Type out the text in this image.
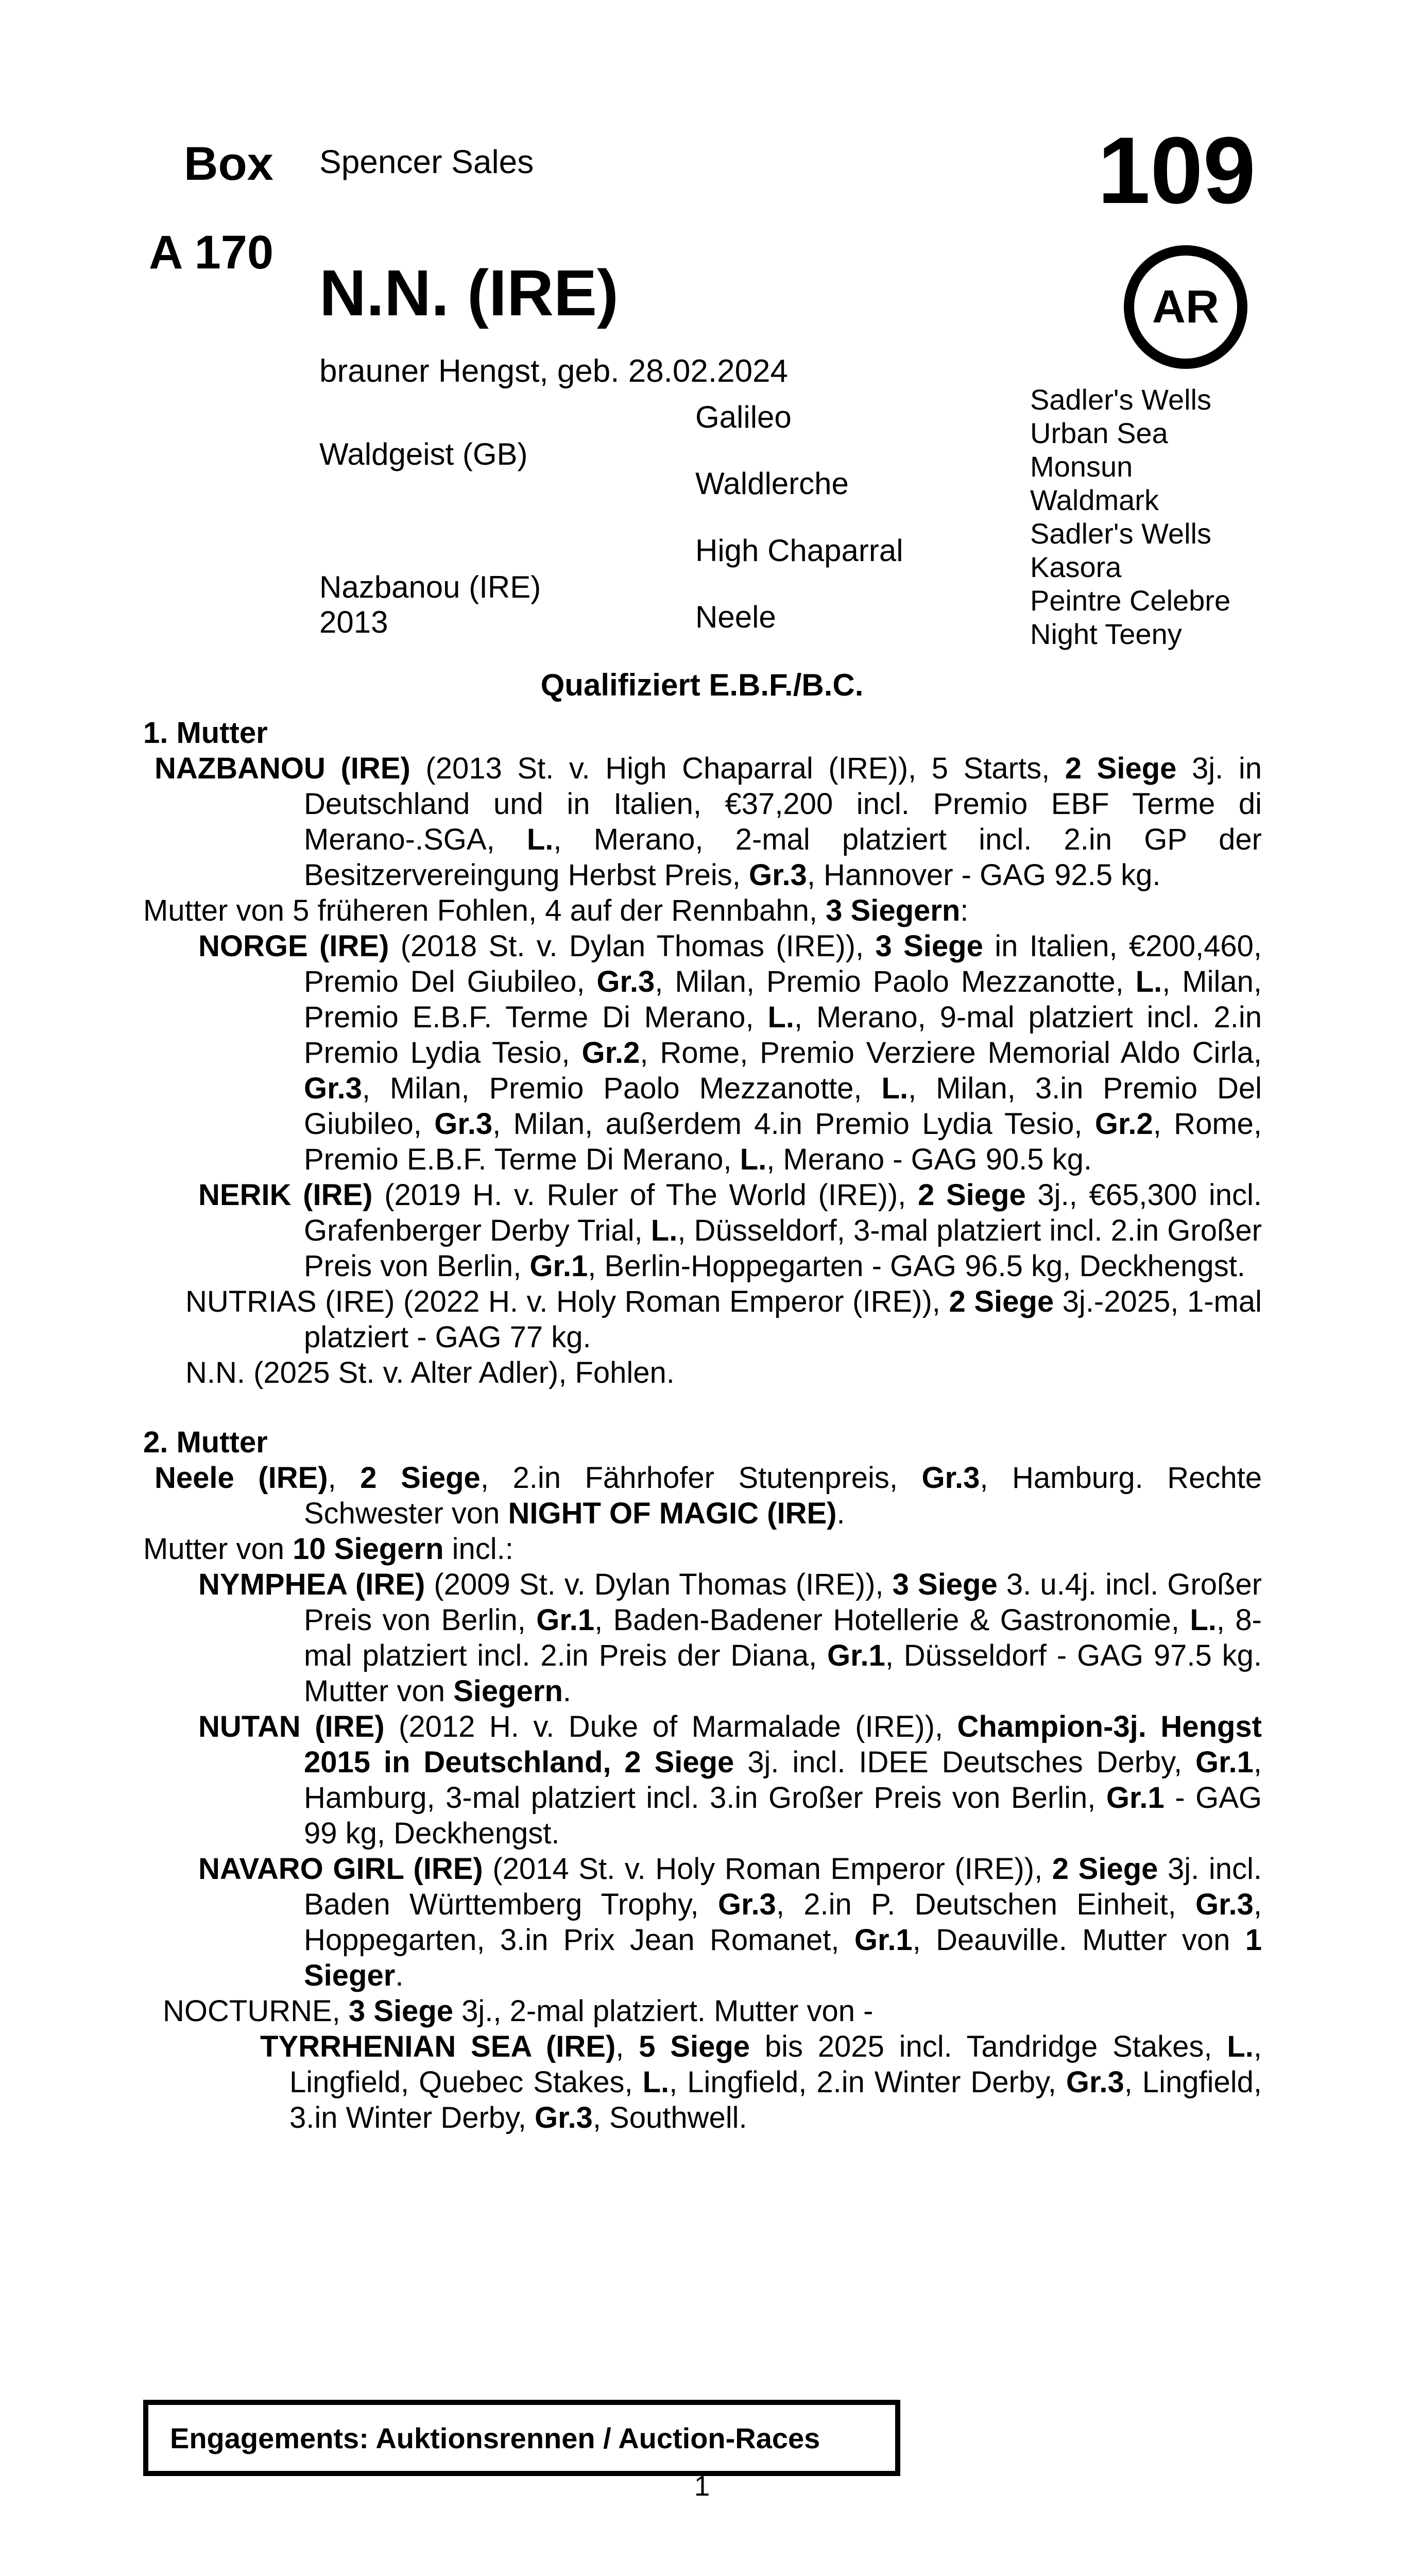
Box
A 170
Spencer Sales	109
AR
N.N. (IRE)
brauner Hengst, geb. 28.02.2024
Waldgeist (GB)
Nazbanou (IRE)
2013
Galileo
Waldlerche
High Chaparral
Neele
Sadler's Wells
Urban Sea
Monsun
Waldmark
Sadler's Wells
Kasora
Peintre Celebre
Night Teeny
Qualifiziert E.B.F./B.C.
1. Mutter

NAZBANOU (IRE) (2013 St. v. High Chaparral (IRE)), 5 Starts, 2 Siege 3j. in Deutschland und in Italien, €37,200 incl. Premio EBF Terme di Merano-.SGA, L., Merano, 2-mal platziert incl. 2.in GP der Besitzervereingung Herbst Preis, Gr.3, Hannover - GAG 92.5 kg.

Mutter von 5 früheren Fohlen, 4 auf der Rennbahn, 3 Siegern:

NORGE (IRE) (2018 St. v. Dylan Thomas (IRE)), 3 Siege in Italien, €200,460, Premio Del Giubileo, Gr.3, Milan, Premio Paolo Mezzanotte, L., Milan, Premio E.B.F. Terme Di Merano, L., Merano, 9-mal platziert incl. 2.in Premio Lydia Tesio, Gr.2, Rome, Premio Verziere Memorial Aldo Cirla, Gr.3, Milan, Premio Paolo Mezzanotte, L., Milan, 3.in Premio Del Giubileo, Gr.3, Milan, außerdem 4.in Premio Lydia Tesio, Gr.2, Rome, Premio E.B.F. Terme Di Merano, L., Merano - GAG 90.5 kg.

NERIK (IRE) (2019 H. v. Ruler of The World (IRE)), 2 Siege 3j., €65,300 incl. Grafenberger Derby Trial, L., Düsseldorf, 3-mal platziert incl. 2.in Großer Preis von Berlin, Gr.1, Berlin-Hoppegarten - GAG 96.5 kg, Deckhengst.

NUTRIAS (IRE) (2022 H. v. Holy Roman Emperor (IRE)), 2 Siege 3j.-2025, 1-mal platziert - GAG 77 kg.

N.N. (2025 St. v. Alter Adler), Fohlen.

2. Mutter

Neele (IRE), 2 Siege, 2.in Fährhofer Stutenpreis, Gr.3, Hamburg. Rechte Schwester von NIGHT OF MAGIC (IRE).

Mutter von 10 Siegern incl.:

NYMPHEA (IRE) (2009 St. v. Dylan Thomas (IRE)), 3 Siege 3. u.4j. incl. Großer Preis von Berlin, Gr.1, Baden-Badener Hotellerie & Gastronomie, L., 8-mal platziert incl. 2.in Preis der Diana, Gr.1, Düsseldorf - GAG 97.5 kg. Mutter von Siegern.

NUTAN (IRE) (2012 H. v. Duke of Marmalade (IRE)), Champion-3j. Hengst 2015 in Deutschland, 2 Siege 3j. incl. IDEE Deutsches Derby, Gr.1, Hamburg, 3-mal platziert incl. 3.in Großer Preis von Berlin, Gr.1 - GAG 99 kg, Deckhengst.

NAVARO GIRL (IRE) (2014 St. v. Holy Roman Emperor (IRE)), 2 Siege 3j. incl. Baden Württemberg Trophy, Gr.3, 2.in P. Deutschen Einheit, Gr.3, Hoppegarten, 3.in Prix Jean Romanet, Gr.1, Deauville. Mutter von 1 Sieger.

NOCTURNE, 3 Siege 3j., 2-mal platziert. Mutter von -

TYRRHENIAN SEA (IRE), 5 Siege bis 2025 incl. Tandridge Stakes, L., Lingfield, Quebec Stakes, L., Lingfield, 2.in Winter Derby, Gr.3, Lingfield, 3.in Winter Derby, Gr.3, Southwell.

Engagements: Auktionsrennen / Auction-Races
1
